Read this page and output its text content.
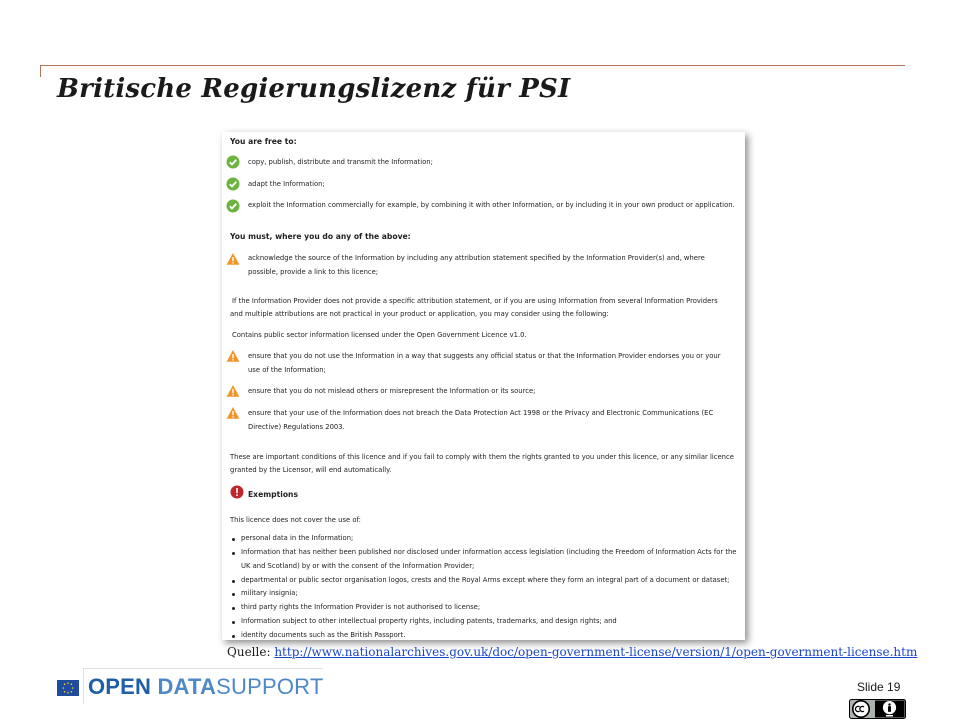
Britische Regierungslizenz für PSI
You are free to:
copy, publish, distribute and transmit the Information;
adapt the Information;
exploit the Information commercially for example, by combining it with other Information, or by including it in your own product or application.
You must, where you do any of the above:
acknowledge the source of the Information by including any attribution statement specified by the Information Provider(s) and, where
possible, provide a link to this licence;
If the Information Provider does not provide a specific attribution statement, or if you are using Information from several Information Providers
and multiple attributions are not practical in your product or application, you may consider using the following:
Contains public sector information licensed under the Open Government Licence v1.0.
ensure that you do not use the Information in a way that suggests any official status or that the Information Provider endorses you or your
use of the Information;
ensure that you do not mislead others or misrepresent the Information or its source;
ensure that your use of the Information does not breach the Data Protection Act 1998 or the Privacy and Electronic Communications (EC
Directive) Regulations 2003.
These are important conditions of this licence and if you fail to comply with them the rights granted to you under this licence, or any similar licence
granted by the Licensor, will end automatically.
Exemptions
This licence does not cover the use of:
personal data in the Information;
Information that has neither been published nor disclosed under information access legislation (including the Freedom of Information Acts for the
UK and Scotland) by or with the consent of the Information Provider;
departmental or public sector organisation logos, crests and the Royal Arms except where they form an integral part of a document or dataset;
military insignia;
third party rights the Information Provider is not authorised to license;
Information subject to other intellectual property rights, including patents, trademarks, and design rights; and
identity documents such as the British Passport.
Quelle: http://www.nationalarchives.gov.uk/doc/open-government-license/version/1/open-government-license.htm
OPEN DATASUPPORT	Slide 19
